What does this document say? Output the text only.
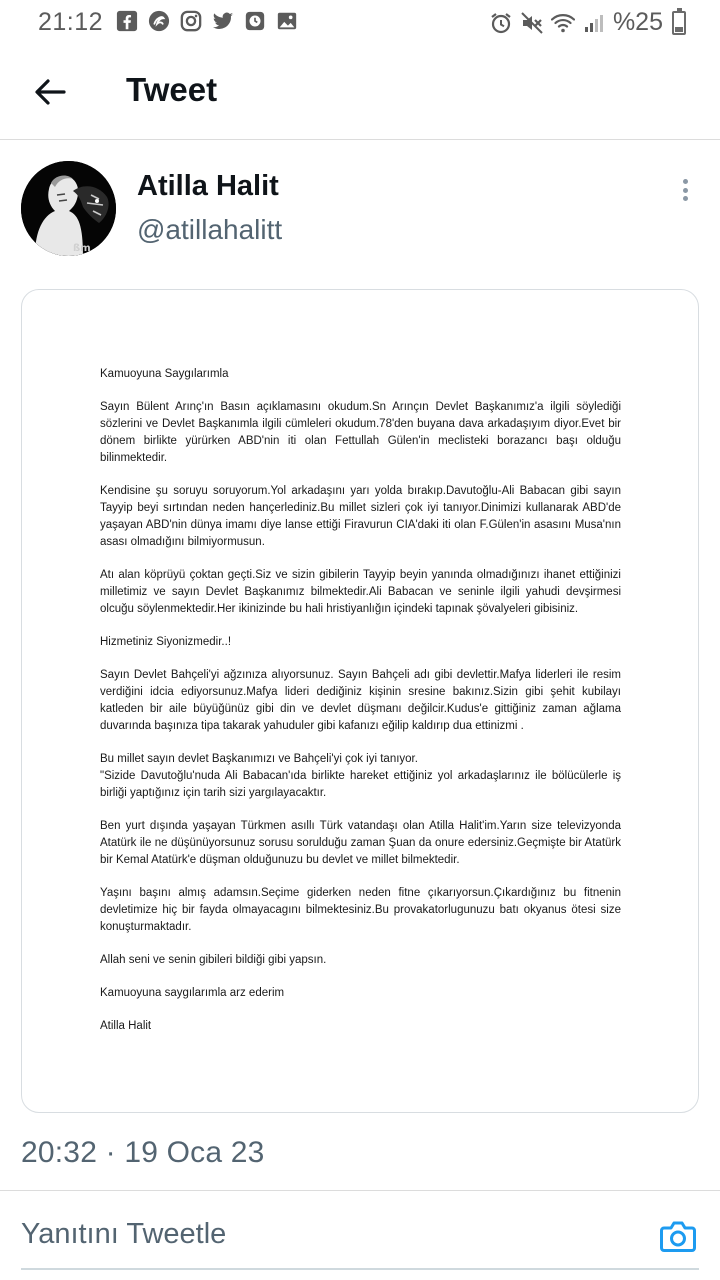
21:12	%25
Tweet
ßm
Atilla Halit
@atillahalitt

Kamuoyuna Saygılarımla

Sayın Bülent Arınç'ın Basın açıklamasını okudum.Sn Arınçın Devlet Başkanımız'a ilgili söylediği sözlerini ve Devlet Başkanımla ilgili cümleleri okudum.78'den buyana dava arkadaşıyım diyor.Evet bir dönem birlikte yürürken ABD'nin iti olan Fettullah Gülen'in meclisteki borazancı başı olduğu bilinmektedir.

Kendisine şu soruyu soruyorum.Yol arkadaşını yarı yolda bırakıp.Davutoğlu-Ali Babacan gibi sayın Tayyip beyi sırtından neden hançerlediniz.Bu millet sizleri çok iyi tanıyor.Dinimizi kullanarak ABD'de yaşayan ABD'nin dünya imamı diye lanse ettiği Firavurun CIA'daki iti olan F.Gülen'in asasını Musa'nın asası olmadığını bilmiyormusun.

Atı alan köprüyü çoktan geçti.Siz ve sizin gibilerin Tayyip beyin yanında olmadığınızı ihanet ettiğinizi milletimiz ve sayın Devlet Başkanımız bilmektedir.Ali Babacan ve seninle ilgili yahudi devşirmesi olcuğu söylenmektedir.Her ikinizinde bu hali hristiyanlığın içindeki tapınak şövalyeleri gibisiniz.

Hizmetiniz Siyonizmedir..!

Sayın Devlet Bahçeli'yi ağzınıza alıyorsunuz. Sayın Bahçeli adı gibi devlettir.Mafya liderleri ile resim verdiğini idcia ediyorsunuz.Mafya lideri dediğiniz kişinin sresine bakınız.Sizin gibi şehit kubilayı katleden bir aile büyüğünüz gibi din ve devlet düşmanı değilcir.Kudus'e gittiğiniz zaman ağlama duvarında başınıza tipa takarak yahuduler gibi kafanızı eğilip kaldırıp dua ettinizmi .

Bu millet sayın devlet Başkanımızı ve Bahçeli'yi çok iyi tanıyor.

"Sizide Davutoğlu'nuda Ali Babacan'ıda birlikte hareket ettiğiniz yol arkadaşlarınız ile bölücülerle iş birliği yaptığınız için tarih sizi yargılayacaktır.

Ben yurt dışında yaşayan Türkmen asıllı Türk vatandaşı olan Atilla Halit'im.Yarın size televizyonda Atatürk ile ne düşünüyorsunuz sorusu sorulduğu zaman Şuan da onure edersiniz.Geçmişte bir Atatürk bir Kemal Atatürk'e düşman olduğunuzu bu devlet ve millet bilmektedir.

Yaşını başını almış adamsın.Seçime giderken neden fitne çıkarıyorsun.Çıkardığınız bu fitnenin devletimize hiç bir fayda olmayacagını bilmektesiniz.Bu provakatorlugunuzu batı okyanus ötesi size konuşturmaktadır.

Allah seni ve senin gibileri bildiği gibi yapsın.

Kamuoyuna saygılarımla arz ederim

Atilla Halit

20:32 · 19 Oca 23
Yanıtını Tweetle
